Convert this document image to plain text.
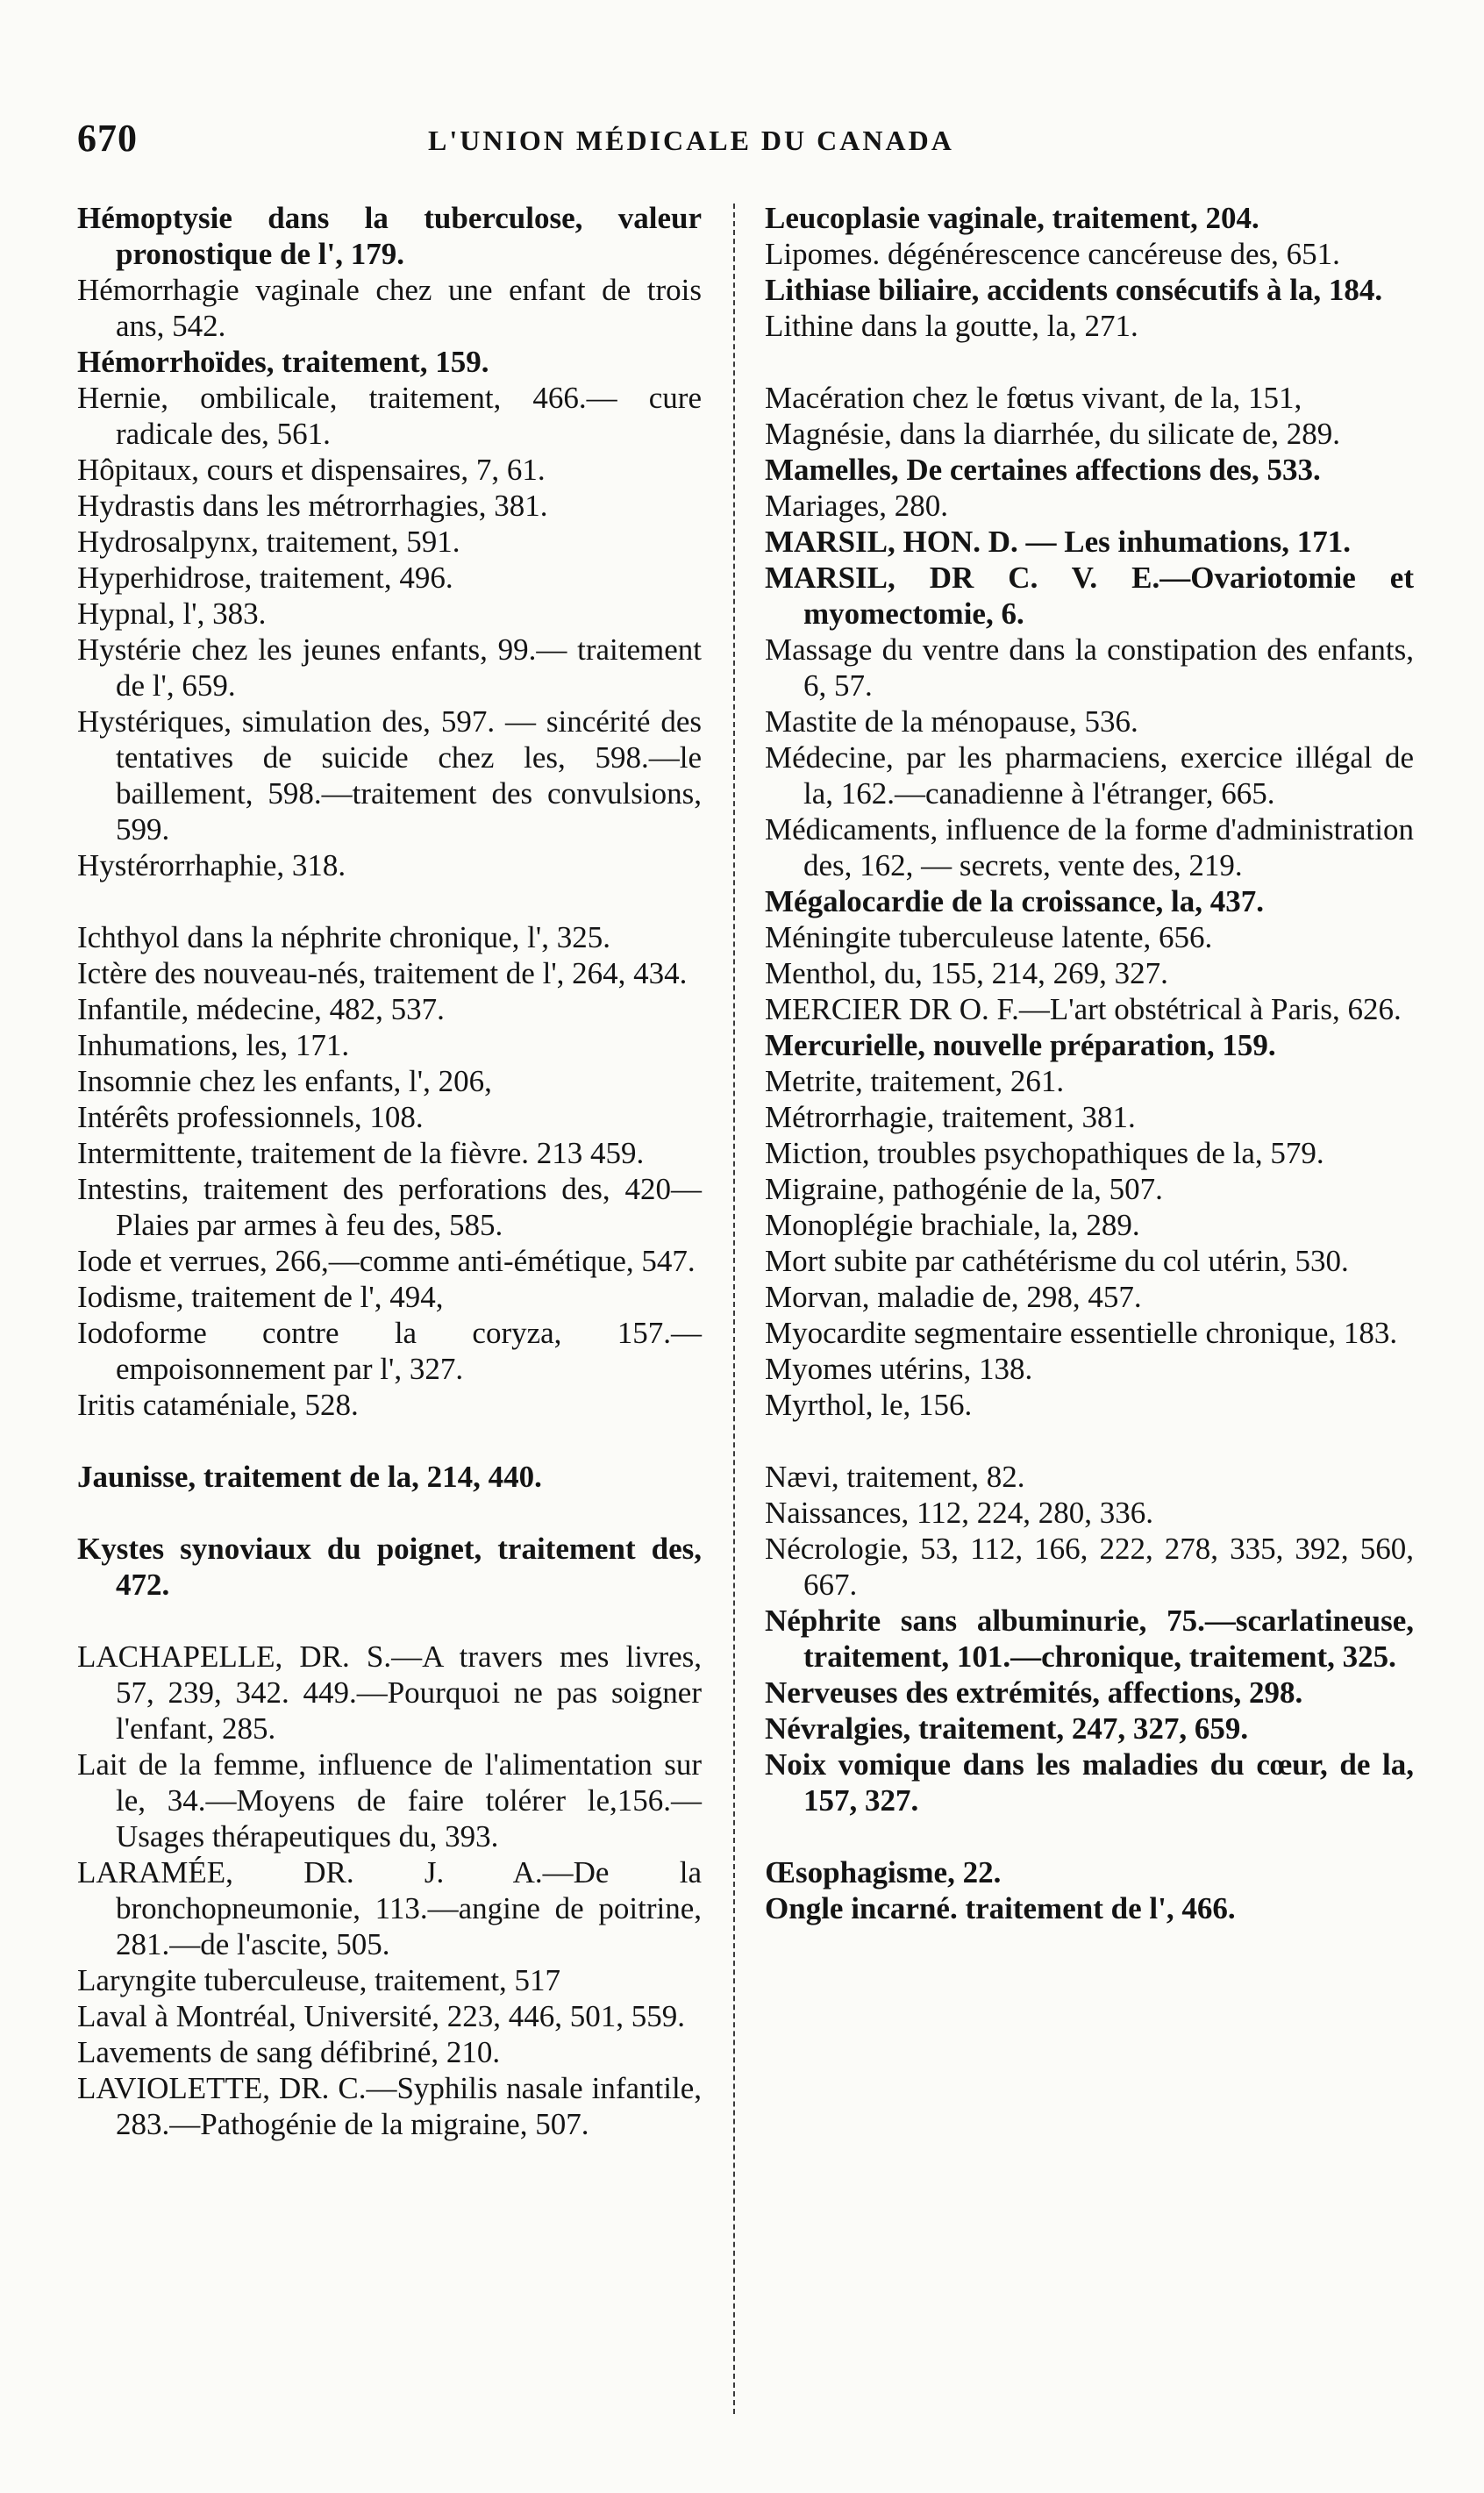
670	L'UNION MÉDICALE DU CANADA

Hémoptysie dans la tuberculose, valeur pronostique de l', 179.

Hémorrhagie vaginale chez une enfant de trois ans, 542.

Hémorrhoïdes, traitement, 159.

Hernie, ombilicale, traitement, 466.— cure radicale des, 561.

Hôpitaux, cours et dispensaires, 7, 61.

Hydrastis dans les métrorrhagies, 381.

Hydrosalpynx, traitement, 591.

Hyperhidrose, traitement, 496.

Hypnal, l', 383.

Hystérie chez les jeunes enfants, 99.— traitement de l', 659.

Hystériques, simulation des, 597. — sincérité des tentatives de suicide chez les, 598.—le baillement, 598.—traitement des convulsions, 599.

Hystérorrhaphie, 318.

Ichthyol dans la néphrite chronique, l', 325.

Ictère des nouveau-nés, traitement de l', 264, 434.

Infantile, médecine, 482, 537.

Inhumations, les, 171.

Insomnie chez les enfants, l', 206,

Intérêts professionnels, 108.

Intermittente, traitement de la fièvre. 213 459.

Intestins, traitement des perforations des, 420—Plaies par armes à feu des, 585.

Iode et verrues, 266,—comme anti-émétique, 547.

Iodisme, traitement de l', 494,

Iodoforme contre la coryza, 157.—empoisonnement par l', 327.

Iritis cataméniale, 528.

Jaunisse, traitement de la, 214, 440.

Kystes synoviaux du poignet, traitement des, 472.

LACHAPELLE, DR. S.—A travers mes livres, 57, 239, 342. 449.—Pourquoi ne pas soigner l'enfant, 285.

Lait de la femme, influence de l'alimentation sur le, 34.—Moyens de faire tolérer le,156.—Usages thérapeutiques du, 393.

LARAMÉE, DR. J. A.—De la bronchopneumonie, 113.—angine de poitrine, 281.—de l'ascite, 505.

Laryngite tuberculeuse, traitement, 517

Laval à Montréal, Université, 223, 446, 501, 559.

Lavements de sang défibriné, 210.

LAVIOLETTE, DR. C.—Syphilis nasale infantile, 283.—Pathogénie de la migraine, 507.

Leucoplasie vaginale, traitement, 204.

Lipomes. dégénérescence cancéreuse des, 651.

Lithiase biliaire, accidents consécutifs à la, 184.

Lithine dans la goutte, la, 271.

Macération chez le fœtus vivant, de la, 151,

Magnésie, dans la diarrhée, du silicate de, 289.

Mamelles, De certaines affections des, 533.

Mariages, 280.

MARSIL, HON. D. — Les inhumations, 171.

MARSIL, DR C. V. E.—Ovariotomie et myomectomie, 6.

Massage du ventre dans la constipation des enfants, 6, 57.

Mastite de la ménopause, 536.

Médecine, par les pharmaciens, exercice illégal de la, 162.—canadienne à l'étranger, 665.

Médicaments, influence de la forme d'administration des, 162, — secrets, vente des, 219.

Mégalocardie de la croissance, la, 437.

Méningite tuberculeuse latente, 656.

Menthol, du, 155, 214, 269, 327.

MERCIER DR O. F.—L'art obstétrical à Paris, 626.

Mercurielle, nouvelle préparation, 159.

Metrite, traitement, 261.

Métrorrhagie, traitement, 381.

Miction, troubles psychopathiques de la, 579.

Migraine, pathogénie de la, 507.

Monoplégie brachiale, la, 289.

Mort subite par cathétérisme du col utérin, 530.

Morvan, maladie de, 298, 457.

Myocardite segmentaire essentielle chronique, 183.

Myomes utérins, 138.

Myrthol, le, 156.

Nævi, traitement, 82.

Naissances, 112, 224, 280, 336.

Nécrologie, 53, 112, 166, 222, 278, 335, 392, 560, 667.

Néphrite sans albuminurie, 75.—scarlatineuse, traitement, 101.—chronique, traitement, 325.

Nerveuses des extrémités, affections, 298.

Névralgies, traitement, 247, 327, 659.

Noix vomique dans les maladies du cœur, de la, 157, 327.

Œsophagisme, 22.

Ongle incarné. traitement de l', 466.
